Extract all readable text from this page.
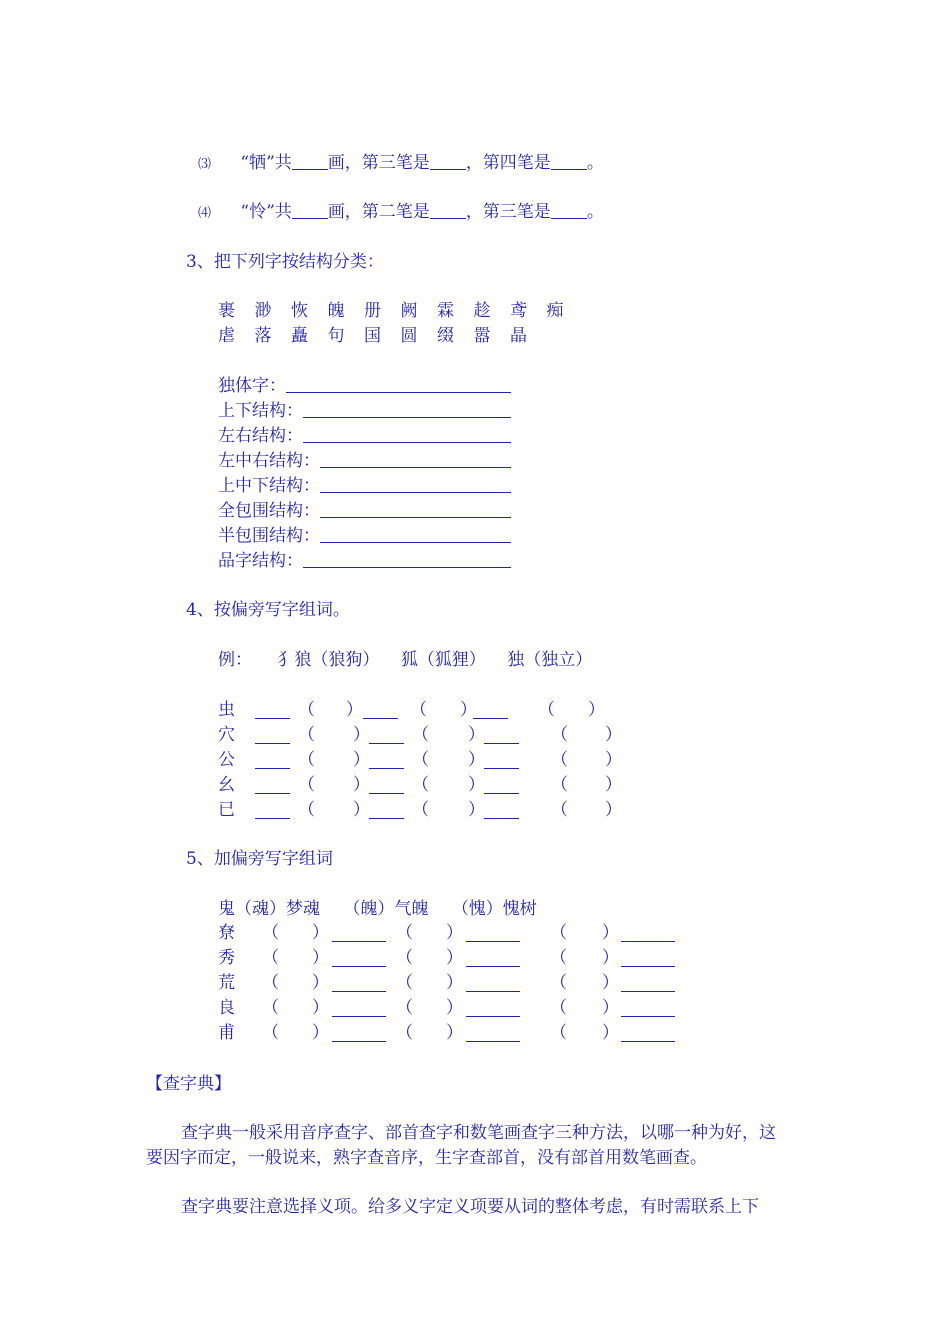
⑶ “牺”共 画，第三笔是 ，第四笔是 。
⑷ “怜”共 画，第二笔是 ，第三笔是 。
3、把下列字按结构分类：
裹 渺 恢 魄 册 阙 霖 趁 鸢 痴
虐 落 矗 句 国 圆 缀 嚣 晶
独体字：
上下结构：
左右结构：
左中右结构：
上中下结构：
全包围结构：
半包围结构：
品字结构：
4、按偏旁写字组词。
例： 犭狼（狼狗） 狐（狐狸） 独（独立）
虫	（ ）	（ ）	（ ）
穴	（ ） （ ）	（ ）
公	（ ） （ ）	（ ）
幺	（ ） （ ）	（ ）
已	（ ） （ ）	（ ）
5、加偏旁写字组词
鬼（魂）梦魂 （魄）气魄 （愧）愧树
尞 （ ）	（ ）	（ ）
秀 （ ）	（ ）	（ ）
荒 （ ）	（ ）	（ ）
良 （ ）	（ ）	（ ）
甫 （ ）	（ ）	（ ）
【查字典】
查字典一般采用音序查字、部首查字和数笔画查字三种方法，以哪一种为好，这
要因字而定，一般说来，熟字查音序，生字查部首，没有部首用数笔画查。
查字典要注意选择义项。给多义字定义项要从词的整体考虑，有时需联系上下
